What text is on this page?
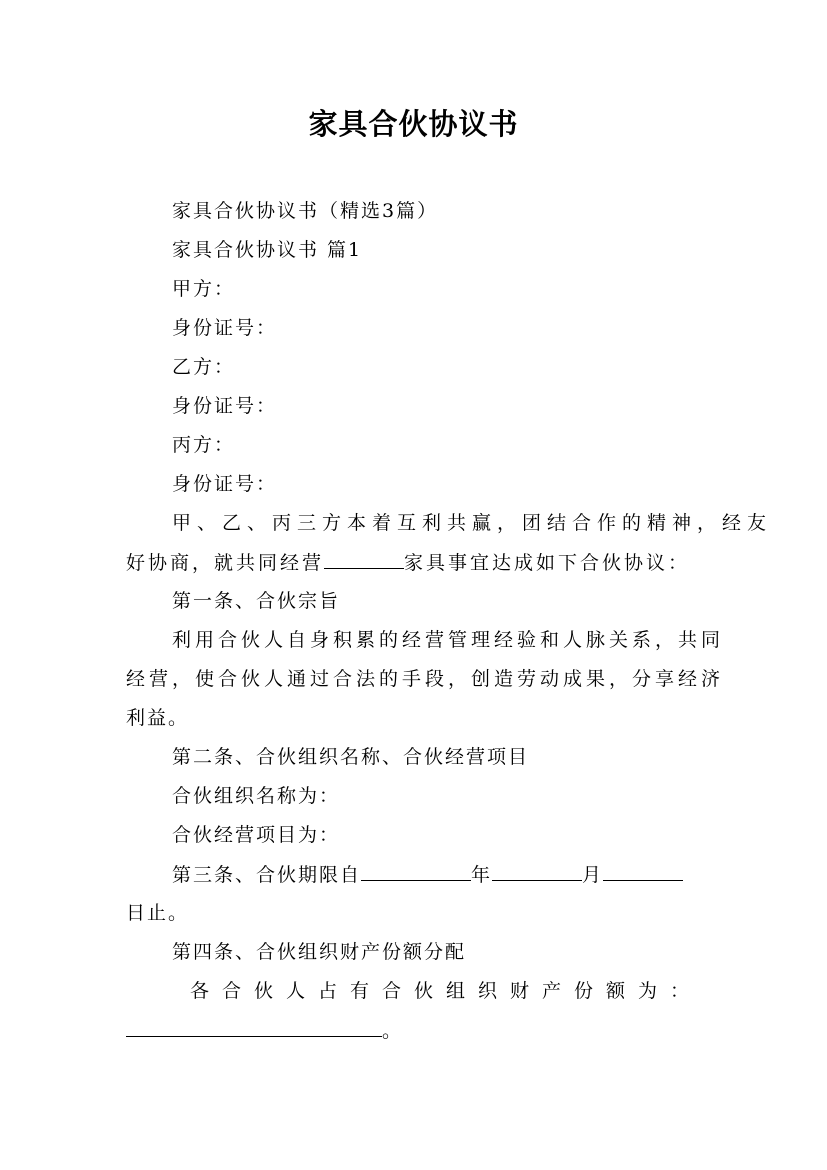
家具合伙协议书
家具合伙协议书（精选3篇）
家具合伙协议书 篇1
甲方：
身份证号：
乙方：
身份证号：
丙方：
身份证号：
甲、乙、丙三方本着互利共赢，团结合作的精神，经友
好协商，就共同经营	家具事宜达成如下合伙协议：
第一条、合伙宗旨
利用合伙人自身积累的经营管理经验和人脉关系，共同
经营，使合伙人通过合法的手段，创造劳动成果，分享经济
利益。
第二条、合伙组织名称、合伙经营项目
合伙组织名称为：
合伙经营项目为：
第三条、合伙期限自	年	月
日止。
第四条、合伙组织财产份额分配
各合伙人占有合伙组织财产份额为：
。
